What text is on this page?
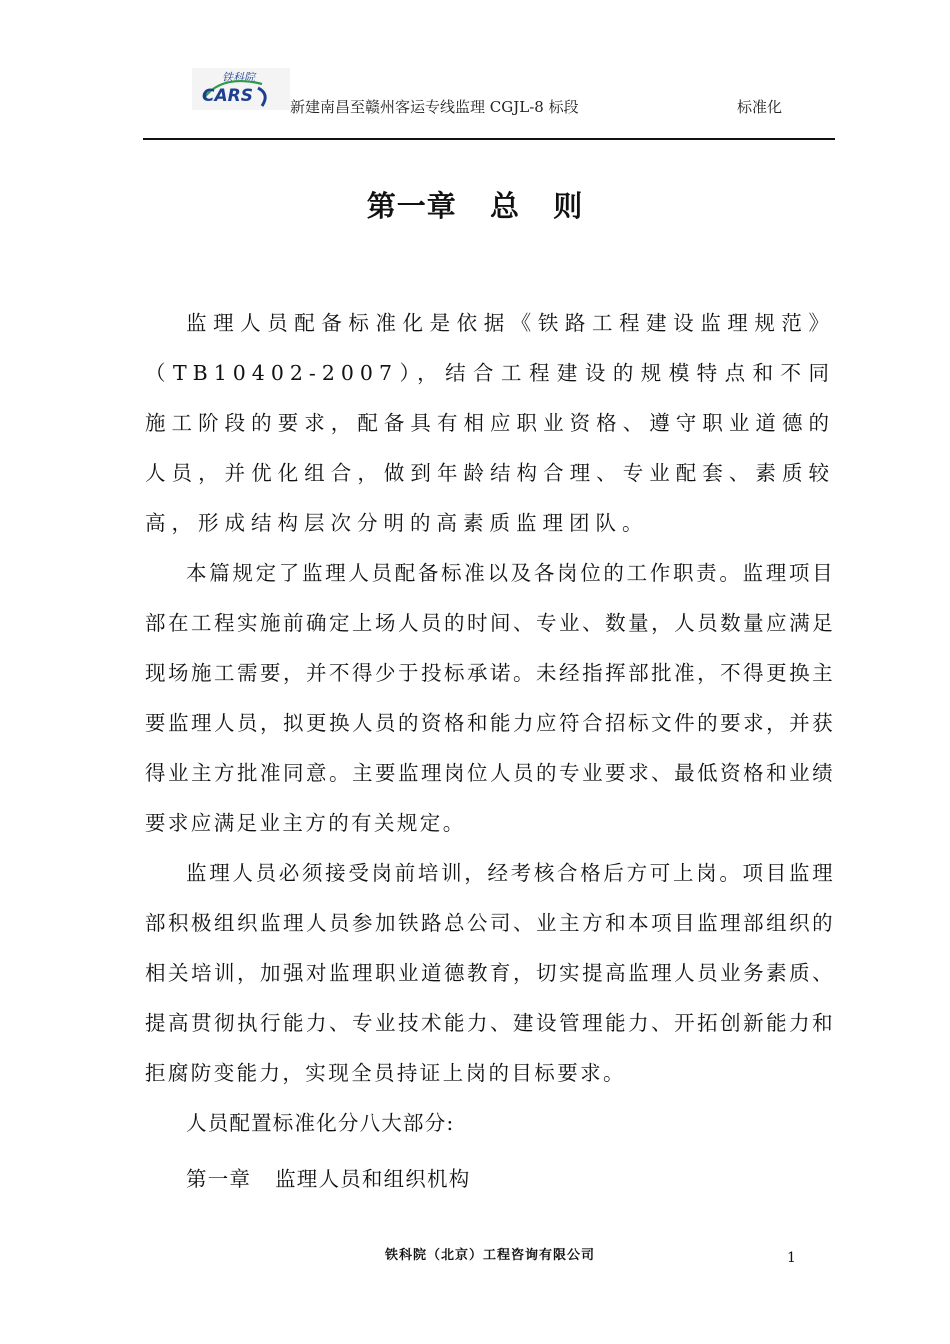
铁科院
CARS
新建南昌至赣州客运专线监理 CGJL-8 标段	标准化
第一章   总   则

监理人员配备标准化是依据《铁路工程建设监理规范》（TB10402-2007），结合工程建设的规模特点和不同施工阶段的要求，配备具有相应职业资格、遵守职业道德的人员，并优化组合，做到年龄结构合理、专业配套、素质较高，形成结构层次分明的高素质监理团队。

本篇规定了监理人员配备标准以及各岗位的工作职责。监理项目部在工程实施前确定上场人员的时间、专业、数量，人员数量应满足现场施工需要，并不得少于投标承诺。未经指挥部批准，不得更换主要监理人员，拟更换人员的资格和能力应符合招标文件的要求，并获得业主方批准同意。主要监理岗位人员的专业要求、最低资格和业绩要求应满足业主方的有关规定。

监理人员必须接受岗前培训，经考核合格后方可上岗。项目监理部积极组织监理人员参加铁路总公司、业主方和本项目监理部组织的相关培训，加强对监理职业道德教育，切实提高监理人员业务素质、提高贯彻执行能力、专业技术能力、建设管理能力、开拓创新能力和拒腐防变能力，实现全员持证上岗的目标要求。

人员配置标准化分八大部分:

第一章 监理人员和组织机构

铁科院（北京）工程咨询有限公司	1
